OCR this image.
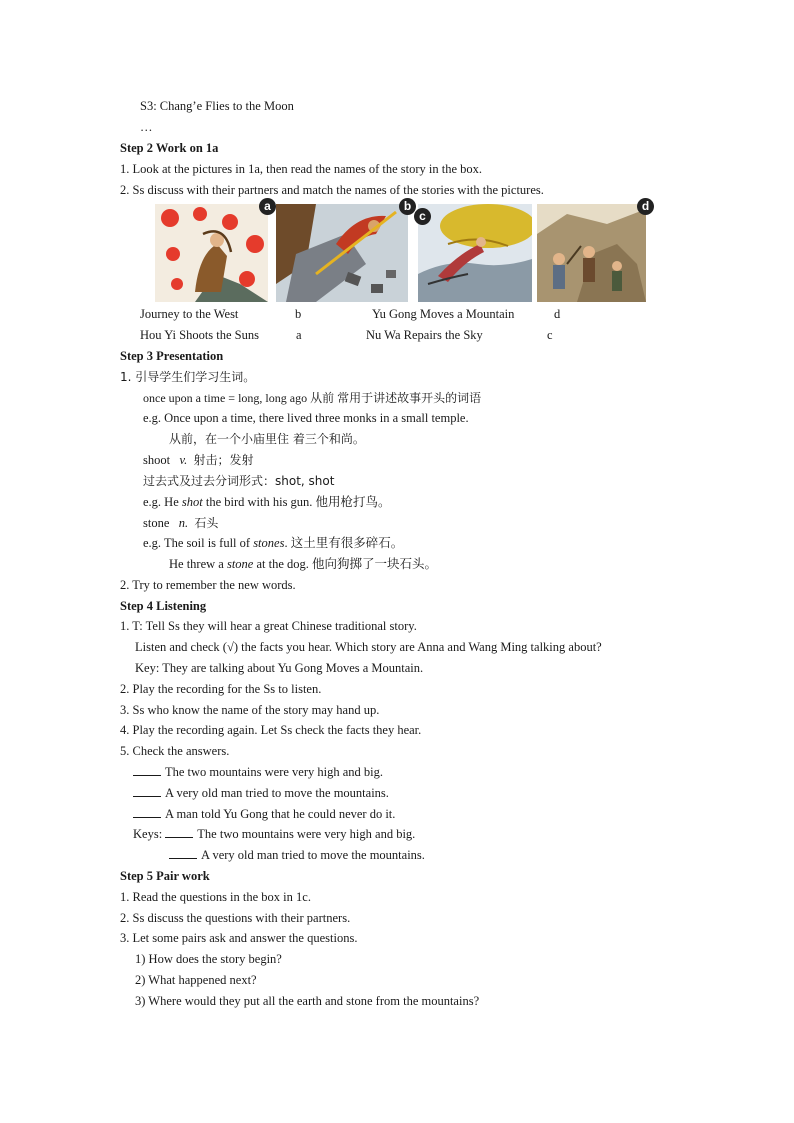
S3: Chang’e Flies to the Moon
…
Step 2 Work on 1a
1. Look at the pictures in 1a, then read the names of the story in the box.
2. Ss discuss with their partners and match the names of the stories with the pictures.
a	b
c
d
Journey to the West	b	Yu Gong Moves a Mountain	d
Hou Yi Shoots the Suns	a	Nu Wa Repairs the Sky	c
Step 3 Presentation
1. 引导学生们学习生词。
once upon a time = long, long ago 从前 常用于讲述故事开头的词语
e.g. Once upon a time, there lived three monks in a small temple.
从前，在一个小庙里住 着三个和尚。
shoot v. 射击；发射
过去式及过去分词形式：shot, shot
e.g. He shot the bird with his gun. 他用枪打鸟。
stone n. 石头
e.g. The soil is full of stones. 这土里有很多碎石。
He threw a stone at the dog. 他向狗掷了一块石头。
2. Try to remember the new words.
Step 4 Listening
1. T: Tell Ss they will hear a great Chinese traditional story.
Listen and check (√) the facts you hear. Which story are Anna and Wang Ming talking about?
Key: They are talking about Yu Gong Moves a Mountain.
2. Play the recording for the Ss to listen.
3. Ss who know the name of the story may hand up.
4. Play the recording again. Let Ss check the facts they hear.
5. Check the answers.
The two mountains were very high and big.
A very old man tried to move the mountains.
A man told Yu Gong that he could never do it.
Keys:	The two mountains were very high and big.
A very old man tried to move the mountains.
Step 5 Pair work
1. Read the questions in the box in 1c.
2. Ss discuss the questions with their partners.
3. Let some pairs ask and answer the questions.
1) How does the story begin?
2) What happened next?
3) Where would they put all the earth and stone from the mountains?
